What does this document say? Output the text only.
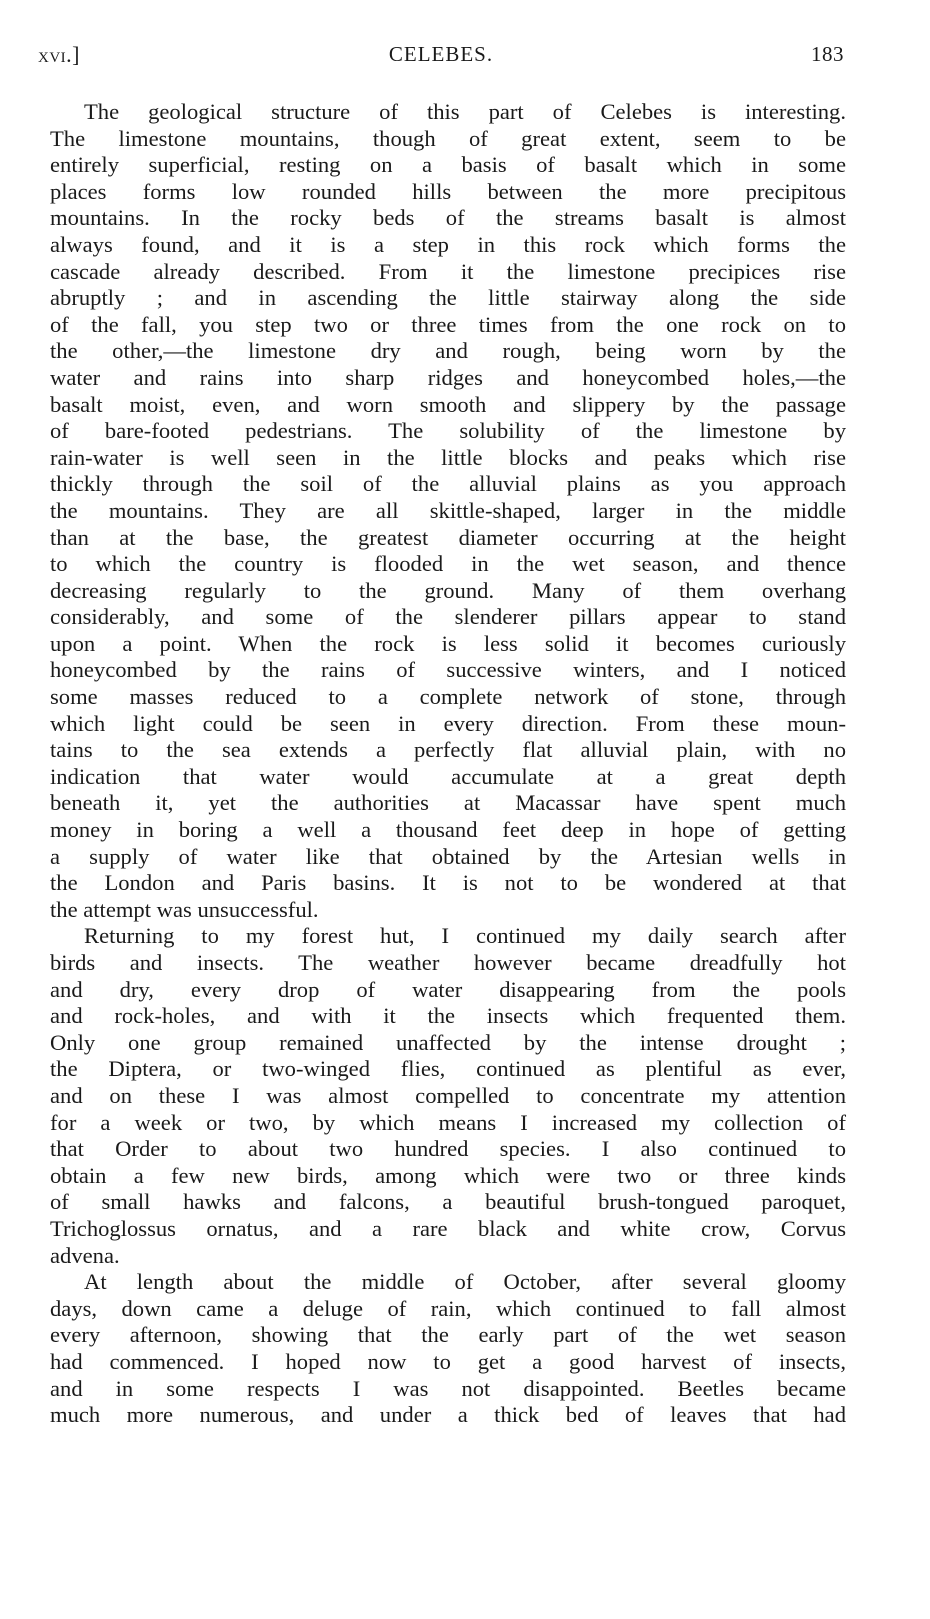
xvi.]	CELEBES.	183
The geological structure of this part of Celebes is interesting.
The limestone mountains, though of great extent, seem to be
entirely superficial, resting on a basis of basalt which in some
places forms low rounded hills between the more precipitous
mountains. In the rocky beds of the streams basalt is almost
always found, and it is a step in this rock which forms the
cascade already described. From it the limestone precipices rise
abruptly ; and in ascending the little stairway along the side
of the fall, you step two or three times from the one rock on to
the other,—the limestone dry and rough, being worn by the
water and rains into sharp ridges and honeycombed holes,—the
basalt moist, even, and worn smooth and slippery by the passage
of bare-footed pedestrians. The solubility of the limestone by
rain-water is well seen in the little blocks and peaks which rise
thickly through the soil of the alluvial plains as you approach
the mountains. They are all skittle-shaped, larger in the middle
than at the base, the greatest diameter occurring at the height
to which the country is flooded in the wet season, and thence
decreasing regularly to the ground. Many of them overhang
considerably, and some of the slenderer pillars appear to stand
upon a point. When the rock is less solid it becomes curiously
honeycombed by the rains of successive winters, and I noticed
some masses reduced to a complete network of stone, through
which light could be seen in every direction. From these moun-
tains to the sea extends a perfectly flat alluvial plain, with no
indication that water would accumulate at a great depth
beneath it, yet the authorities at Macassar have spent much
money in boring a well a thousand feet deep in hope of getting
a supply of water like that obtained by the Artesian wells in
the London and Paris basins. It is not to be wondered at that
the attempt was unsuccessful.
Returning to my forest hut, I continued my daily search after
birds and insects. The weather however became dreadfully hot
and dry, every drop of water disappearing from the pools
and rock-holes, and with it the insects which frequented them.
Only one group remained unaffected by the intense drought ;
the Diptera, or two-winged flies, continued as plentiful as ever,
and on these I was almost compelled to concentrate my attention
for a week or two, by which means I increased my collection of
that Order to about two hundred species. I also continued to
obtain a few new birds, among which were two or three kinds
of small hawks and falcons, a beautiful brush-tongued paroquet,
Trichoglossus ornatus, and a rare black and white crow, Corvus
advena.
At length about the middle of October, after several gloomy
days, down came a deluge of rain, which continued to fall almost
every afternoon, showing that the early part of the wet season
had commenced. I hoped now to get a good harvest of insects,
and in some respects I was not disappointed. Beetles became
much more numerous, and under a thick bed of leaves that had
